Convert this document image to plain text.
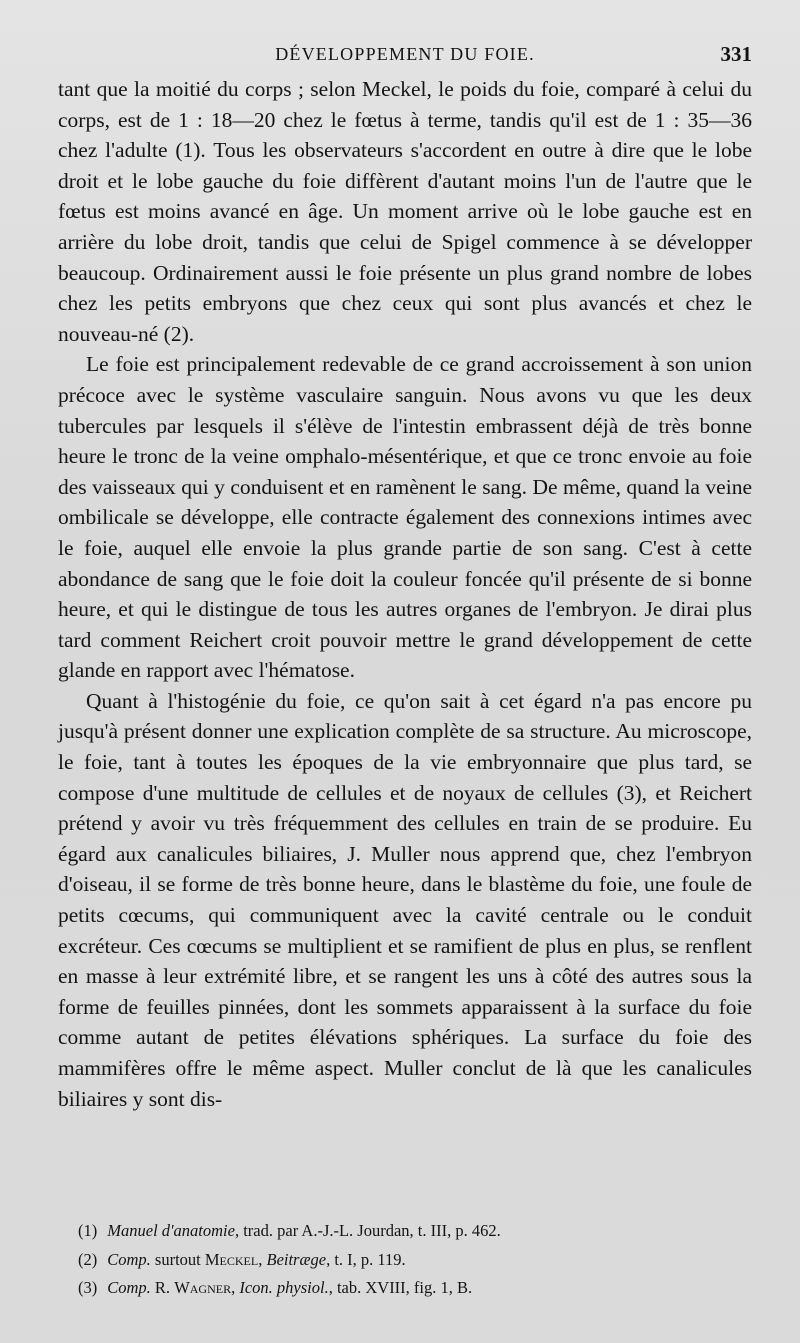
DÉVELOPPEMENT DU FOIE.	331

tant que la moitié du corps ; selon Meckel, le poids du foie, comparé à celui du corps, est de 1 : 18—20 chez le fœtus à terme, tandis qu'il est de 1 : 35—36 chez l'adulte (1). Tous les observateurs s'accordent en outre à dire que le lobe droit et le lobe gauche du foie diffèrent d'autant moins l'un de l'autre que le fœtus est moins avancé en âge. Un moment arrive où le lobe gauche est en arrière du lobe droit, tandis que celui de Spigel commence à se développer beaucoup. Ordinairement aussi le foie présente un plus grand nombre de lobes chez les petits embryons que chez ceux qui sont plus avancés et chez le nouveau-né (2).

Le foie est principalement redevable de ce grand accroissement à son union précoce avec le système vasculaire sanguin. Nous avons vu que les deux tubercules par lesquels il s'élève de l'intestin embrassent déjà de très bonne heure le tronc de la veine omphalo-mésentérique, et que ce tronc envoie au foie des vaisseaux qui y conduisent et en ramènent le sang. De même, quand la veine ombilicale se développe, elle contracte également des connexions intimes avec le foie, auquel elle envoie la plus grande partie de son sang. C'est à cette abondance de sang que le foie doit la couleur foncée qu'il présente de si bonne heure, et qui le distingue de tous les autres organes de l'embryon. Je dirai plus tard comment Reichert croit pouvoir mettre le grand développement de cette glande en rapport avec l'hématose.

Quant à l'histogénie du foie, ce qu'on sait à cet égard n'a pas encore pu jusqu'à présent donner une explication complète de sa structure. Au microscope, le foie, tant à toutes les époques de la vie embryonnaire que plus tard, se compose d'une multitude de cellules et de noyaux de cellules (3), et Reichert prétend y avoir vu très fréquemment des cellules en train de se produire. Eu égard aux canalicules biliaires, J. Muller nous apprend que, chez l'embryon d'oiseau, il se forme de très bonne heure, dans le blastème du foie, une foule de petits cœcums, qui communiquent avec la cavité centrale ou le conduit excréteur. Ces cœcums se multiplient et se ramifient de plus en plus, se renflent en masse à leur extrémité libre, et se rangent les uns à côté des autres sous la forme de feuilles pinnées, dont les sommets apparaissent à la surface du foie comme autant de petites élévations sphériques. La surface du foie des mammifères offre le même aspect. Muller conclut de là que les canalicules biliaires y sont dis-

(1) Manuel d'anatomie, trad. par A.-J.-L. Jourdan, t. III, p. 462.
(2) Comp. surtout Meckel, Beitræge, t. I, p. 119.
(3) Comp. R. Wagner, Icon. physiol., tab. XVIII, fig. 1, B.
